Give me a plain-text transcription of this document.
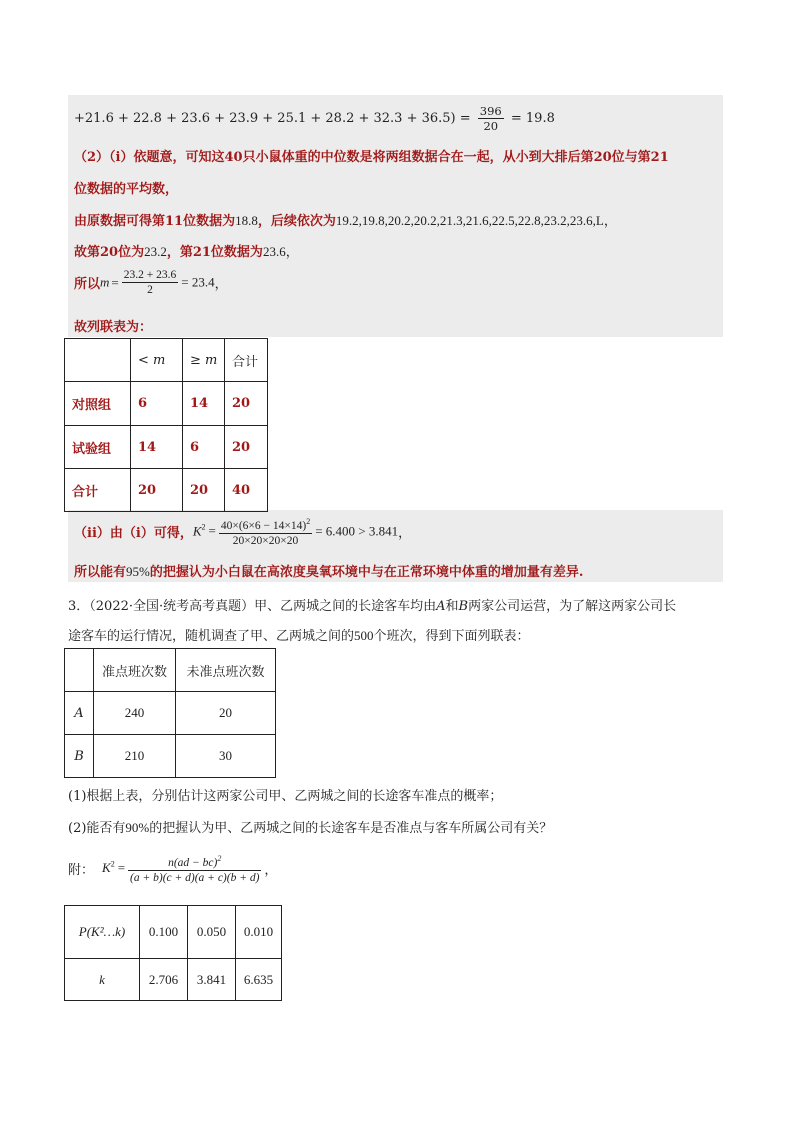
$+21.6 + 22.8 + 23.6 + 23.9 + 25.1 + 28.2 + 32.3 + 36.5) = \frac{396}{20} = 19.8$
（2）（i）依题意，可知这40只小鼠体重的中位数是将两组数据合在一起，从小到大排后第20位与第21
位数据的平均数，
由原数据可得第11位数据为18.8，后续依次为19.2,19.8,20.2,20.2,21.3,21.6,22.5,22.8,23.2,23.6,L，
故第20位为23.2，第21位数据为23.6，
所以$m = \frac{23.2 + 23.6}{2} = 23.4$，
故列联表为：
	< m	≥ m	合计
对照组	6	14	20
试验组	14	6	20
合计	20	20	40
（ii）由（i）可得，$K^2 = \frac{40\times(6\times 6 - 14\times 14)^2}{20\times 20\times 20\times 20} = 6.400 > 3.841$，
所以能有95%的把握认为小白鼠在高浓度臭氧环境中与在正常环境中体重的增加量有差异.
3．（2022·全国·统考高考真题）甲、乙两城之间的长途客车均由A和B两家公司运营，为了解这两家公司长
途客车的运行情况，随机调查了甲、乙两城之间的500个班次，得到下面列联表：
	准点班次数	未准点班次数
A	240	20
B	210	30
(1)根据上表，分别估计这两家公司甲、乙两城之间的长途客车准点的概率；
(2)能否有90%的把握认为甲、乙两城之间的长途客车是否准点与客车所属公司有关？
附： $K^2 = \frac{n(ad - bc)^2}{(a + b)(c + d)(a + c)(b + d)}$ ，
P(K²…k)	0.100	0.050	0.010
k	2.706	3.841	6.635
